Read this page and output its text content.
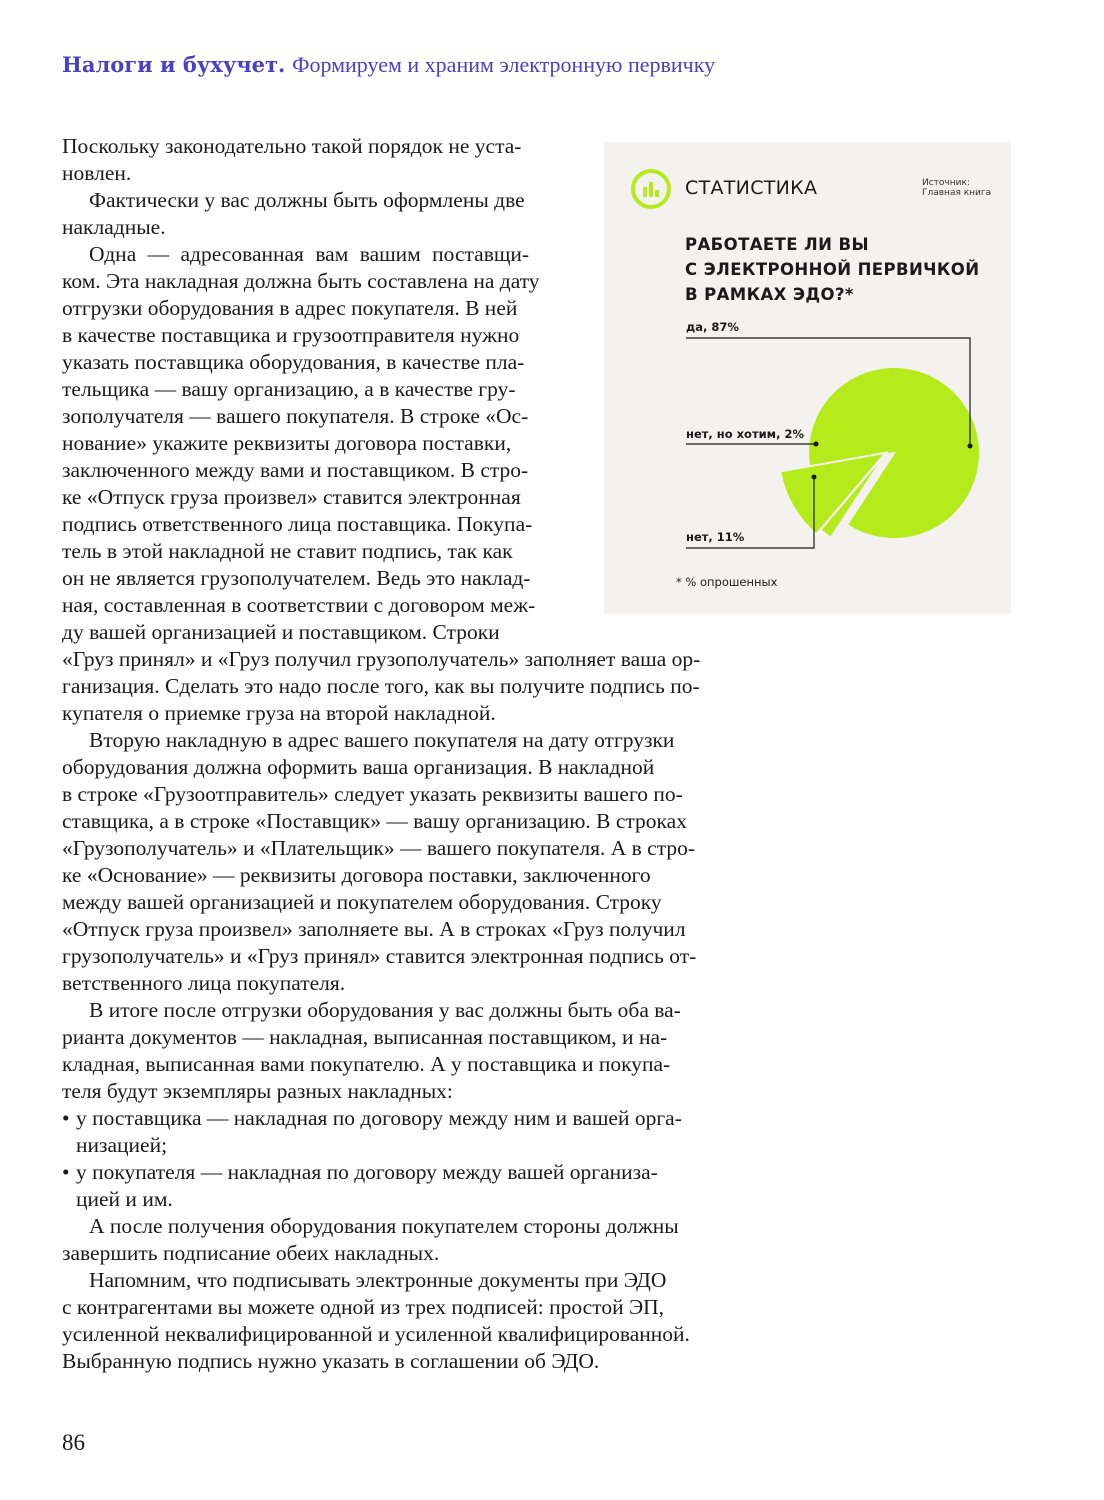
Налоги и бухучет. Формируем и храним электронную первичку
Поскольку законодательно такой порядок не уста-
новлен.
Фактически у вас должны быть оформлены две
накладные.
Одна — адресованная вам вашим поставщи-
ком. Эта накладная должна быть составлена на дату
отгрузки оборудования в адрес покупателя. В ней
в качестве поставщика и грузоотправителя нужно
указать поставщика оборудования, в качестве пла-
тельщика — вашу организацию, а в качестве гру-
зополучателя — вашего покупателя. В строке «Ос-
нование» укажите реквизиты договора поставки,
заключенного между вами и поставщиком. В стро-
ке «Отпуск груза произвел» ставится электронная
подпись ответственного лица поставщика. Покупа-
тель в этой накладной не ставит подпись, так как
он не является грузополучателем. Ведь это наклад-
ная, составленная в соответствии с договором меж-
ду вашей организацией и поставщиком. Строки
«Груз принял» и «Груз получил грузополучатель» заполняет ваша ор-
ганизация. Сделать это надо после того, как вы получите подпись по-
купателя о приемке груза на второй накладной.
Вторую накладную в адрес вашего покупателя на дату отгрузки
оборудования должна оформить ваша организация. В накладной
в строке «Грузоотправитель» следует указать реквизиты вашего по-
ставщика, а в строке «Поставщик» — вашу организацию. В строках
«Грузополучатель» и «Плательщик» — вашего покупателя. А в стро-
ке «Основание» — реквизиты договора поставки, заключенного
между вашей организацией и покупателем оборудования. Строку
«Отпуск груза произвел» заполняете вы. А в строках «Груз получил
грузополучатель» и «Груз принял» ставится электронная подпись от-
ветственного лица покупателя.
В итоге после отгрузки оборудования у вас должны быть оба ва-
рианта документов — накладная, выписанная поставщиком, и на-
кладная, выписанная вами покупателю. А у поставщика и покупа-
теля будут экземпляры разных накладных:
• у поставщика — накладная по договору между ним и вашей орга-
низацией;
• у покупателя — накладная по договору между вашей организа-
цией и им.
А после получения оборудования покупателем стороны должны
завершить подписание обеих накладных.
Напомним, что подписывать электронные документы при ЭДО
с контрагентами вы можете одной из трех подписей: простой ЭП,
усиленной неквалифицированной и усиленной квалифицированной.
Выбранную подпись нужно указать в соглашении об ЭДО.
СТАТИСТИКА	Источник:
Главная книга
РАБОТАЕТЕ ЛИ ВЫ
С ЭЛЕКТРОННОЙ ПЕРВИЧКОЙ
В РАМКАХ ЭДО?*
да, 87%
нет, но хотим, 2%
нет, 11%
* % опрошенных
86
